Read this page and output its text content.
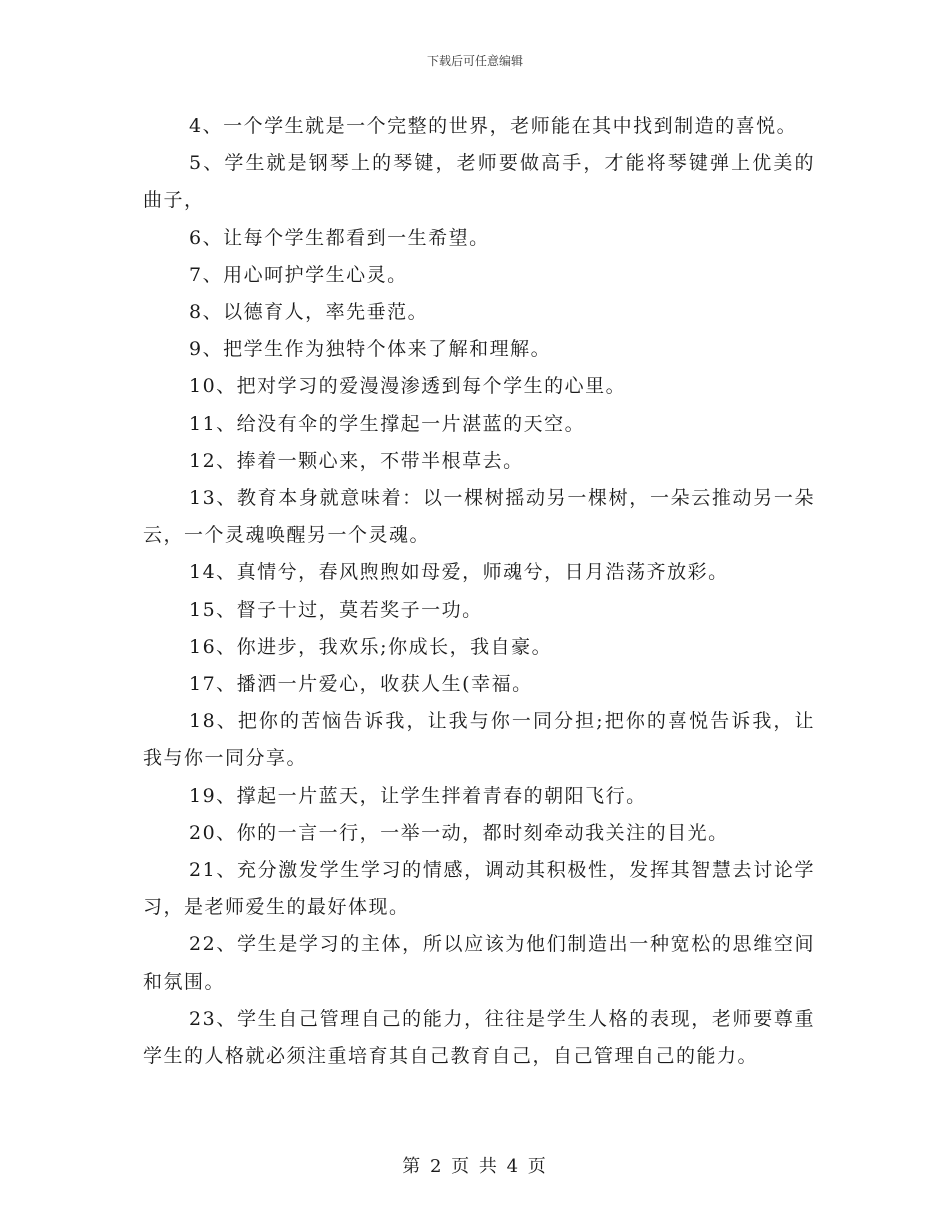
下载后可任意编辑

4、一个学生就是一个完整的世界，老师能在其中找到制造的喜悦。

5、学生就是钢琴上的琴键，老师要做高手，才能将琴键弹上优美的曲子，

6、让每个学生都看到一生希望。

7、用心呵护学生心灵。

8、以德育人，率先垂范。

9、把学生作为独特个体来了解和理解。

10、把对学习的爱漫漫渗透到每个学生的心里。

11、给没有伞的学生撑起一片湛蓝的天空。

12、捧着一颗心来，不带半根草去。

13、教育本身就意味着：以一棵树摇动另一棵树，一朵云推动另一朵云，一个灵魂唤醒另一个灵魂。

14、真情兮，春风煦煦如母爱，师魂兮，日月浩荡齐放彩。

15、督子十过，莫若奖子一功。

16、你进步，我欢乐;你成长，我自豪。

17、播洒一片爱心，收获人生(幸福。

18、把你的苦恼告诉我，让我与你一同分担;把你的喜悦告诉我，让我与你一同分享。

19、撑起一片蓝天，让学生拌着青春的朝阳飞行。

20、你的一言一行，一举一动，都时刻牵动我关注的目光。

21、充分激发学生学习的情感，调动其积极性，发挥其智慧去讨论学习，是老师爱生的最好体现。

22、学生是学习的主体，所以应该为他们制造出一种宽松的思维空间和氛围。

23、学生自己管理自己的能力，往往是学生人格的表现，老师要尊重学生的人格就必须注重培育其自己教育自己，自己管理自己的能力。

第 2 页 共 4 页
